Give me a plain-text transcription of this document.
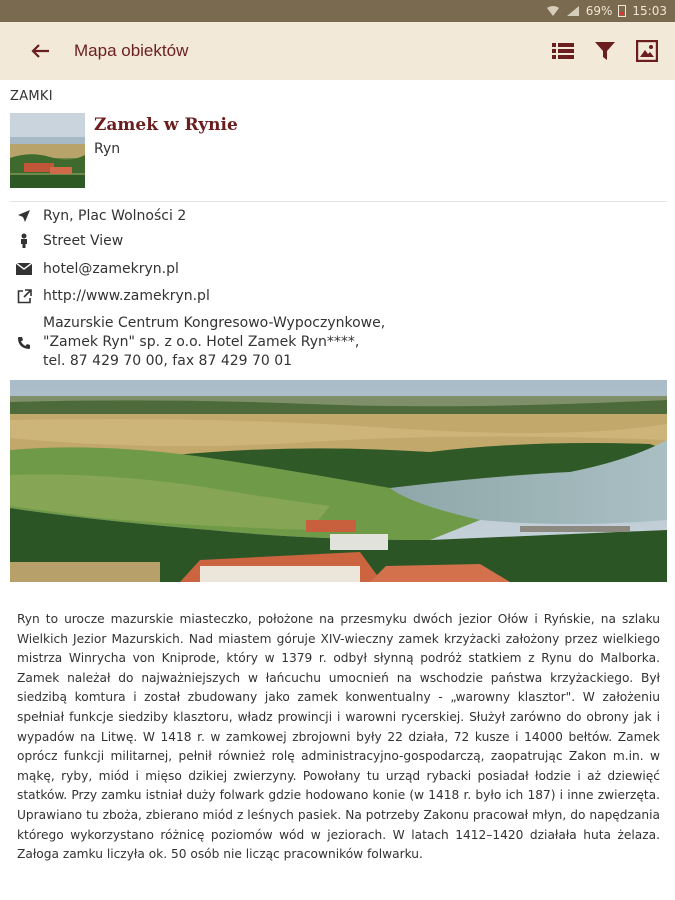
69% 15:03
Mapa obiektów
ZAMKI
Zamek w Rynie
Ryn
Ryn, Plac Wolności 2
Street View
hotel@zamekryn.pl
http://www.zamekryn.pl
Mazurskie Centrum Kongresowo-Wypoczynkowe,
"Zamek Ryn" sp. z o.o. Hotel Zamek Ryn****,
tel. 87 429 70 00, fax 87 429 70 01
Ryn to urocze mazurskie miasteczko, położone na przesmyku dwóch jezior Ołów i Ryńskie, na szlaku Wielkich Jezior Mazurskich. Nad miastem góruje XIV-wieczny zamek krzyżacki założony przez wielkiego mistrza Winrycha von Kniprode, który w 1379 r. odbył słynną podróż statkiem z Rynu do Malborka. Zamek należał do najważniejszych w łańcuchu umocnień na wschodzie państwa krzyżackiego. Był siedzibą komtura i został zbudowany jako zamek konwentualny - „warowny klasztor". W założeniu spełniał funkcje siedziby klasztoru, władz prowincji i warowni rycerskiej. Służył zarówno do obrony jak i wypadów na Litwę. W 1418 r. w zamkowej zbrojowni były 22 działa, 72 kusze i 14000 bełtów. Zamek oprócz funkcji militarnej, pełnił również rolę administracyjno-gospodarczą, zaopatrując Zakon m.in. w mąkę, ryby, miód i mięso dzikiej zwierzyny. Powołany tu urząd rybacki posiadał łodzie i aż dziewięć statków. Przy zamku istniał duży folwark gdzie hodowano konie (w 1418 r. było ich 187) i inne zwierzęta. Uprawiano tu zboża, zbierano miód z leśnych pasiek. Na potrzeby Zakonu pracował młyn, do napędzania którego wykorzystano różnicę poziomów wód w jeziorach. W latach 1412–1420 działała huta żelaza. Załoga zamku liczyła ok. 50 osób nie licząc pracowników folwarku.
